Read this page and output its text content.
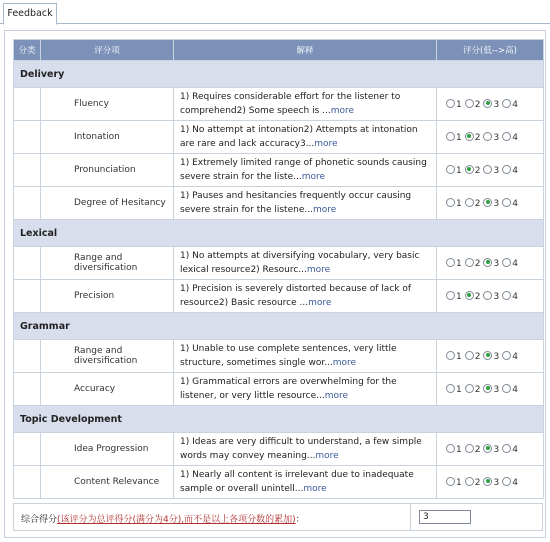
Feedback
分类	评分项	解释	评分(低-->高)
Delivery			
	Fluency	1) Requires considerable effort for the listener to comprehend2) Some speech is ...more	1 2 3 4
	Intonation	1) No attempt at intonation2) Attempts at intonation are rare and lack accuracy3...more	1 2 3 4
	Pronunciation	1) Extremely limited range of phonetic sounds causing severe strain for the liste...more	1 2 3 4
	Degree of Hesitancy	1) Pauses and hesitancies frequently occur causing severe strain for the listene...more	1 2 3 4
Lexical			
	Range and diversification	1) No attempts at diversifying vocabulary, very basic lexical resource2) Resourc...more	1 2 3 4
	Precision	1) Precision is severely distorted because of lack of resource2) Basic resource ...more	1 2 3 4
Grammar			
	Range and diversification	1) Unable to use complete sentences, very little structure, sometimes single wor...more	1 2 3 4
	Accuracy	1) Grammatical errors are overwhelming for the listener, or very little resource...more	1 2 3 4
Topic Development			
	Idea Progression	1) Ideas are very difficult to understand, a few simple words may convey meaning...more	1 2 3 4
	Content Relevance	1) Nearly all content is irrelevant due to inadequate sample or overall unintell...more	1 2 3 4
综合得分(该评分为总评得分(满分为4分),而不是以上各项分数的累加)：
3
